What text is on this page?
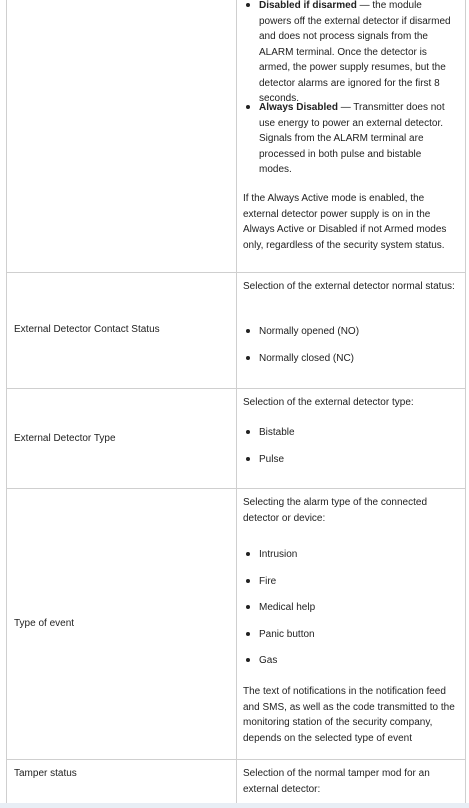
Disabled if disarmed — the module powers off the external detector if disarmed and does not process signals from the ALARM terminal. Once the detector is armed, the power supply resumes, but the detector alarms are ignored for the first 8 seconds.
Always Disabled — Transmitter does not use energy to power an external detector. Signals from the ALARM terminal are processed in both pulse and bistable modes.

If the Always Active mode is enabled, the external detector power supply is on in the Always Active or Disabled if not Armed modes only, regardless of the security system status.

External Detector Contact Status

Selection of the external detector normal status:

Normally opened (NO)
Normally closed (NC)
External Detector Type

Selection of the external detector type:

Bistable
Pulse
Type of event

Selecting the alarm type of the connected detector or device:

Intrusion
Fire
Medical help
Panic button
Gas

The text of notifications in the notification feed and SMS, as well as the code transmitted to the monitoring station of the security company, depends on the selected type of event

Tamper status	Selection of the normal tamper mod for an external detector:
